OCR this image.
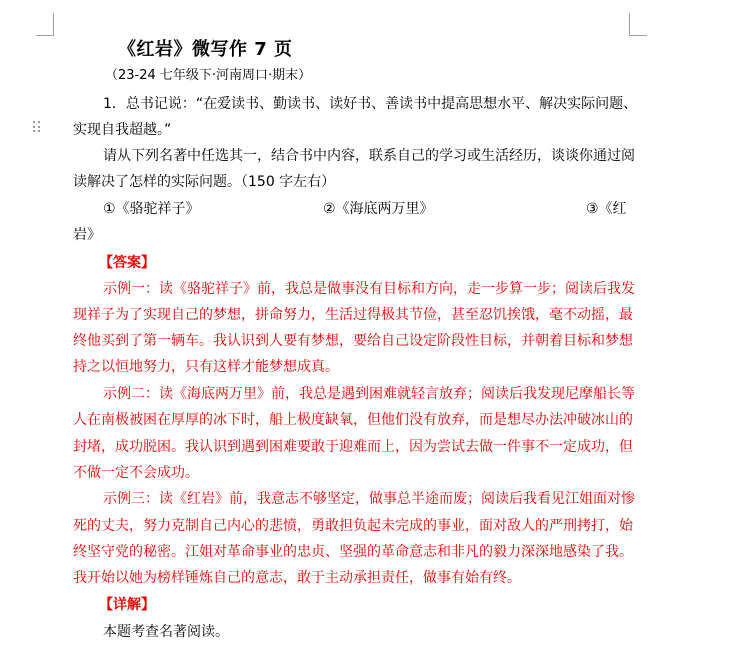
《红岩》微写作 7 页
（23-24 七年级下·河南周口·期末）
1．总书记说：“在爱读书、勤读书、读好书、善读书中提高思想水平、解决实际问题、
实现自我超越。”
请从下列名著中任选其一，结合书中内容，联系自己的学习或生活经历，谈谈你通过阅
读解决了怎样的实际问题。（150 字左右）
①《骆驼祥子》	②《海底两万里》	③《红
岩》
【答案】
示例一：读《骆驼祥子》前，我总是做事没有目标和方向，走一步算一步；阅读后我发
现祥子为了实现自己的梦想，拼命努力，生活过得极其节俭，甚至忍饥挨饿，毫不动摇，最
终他买到了第一辆车。我认识到人要有梦想，要给自己设定阶段性目标，并朝着目标和梦想
持之以恒地努力，只有这样才能梦想成真。
示例二：读《海底两万里》前，我总是遇到困难就轻言放弃；阅读后我发现尼摩船长等
人在南极被困在厚厚的冰下时，船上极度缺氧，但他们没有放弃，而是想尽办法冲破冰山的
封堵，成功脱困。我认识到遇到困难要敢于迎难而上，因为尝试去做一件事不一定成功，但
不做一定不会成功。
示例三：读《红岩》前，我意志不够坚定，做事总半途而废；阅读后我看见江姐面对惨
死的丈夫，努力克制自己内心的悲愤，勇敢担负起未完成的事业，面对敌人的严刑拷打，始
终坚守党的秘密。江姐对革命事业的忠贞、坚强的革命意志和非凡的毅力深深地感染了我。
我开始以她为榜样锤炼自己的意志，敢于主动承担责任，做事有始有终。
【详解】
本题考查名著阅读。
